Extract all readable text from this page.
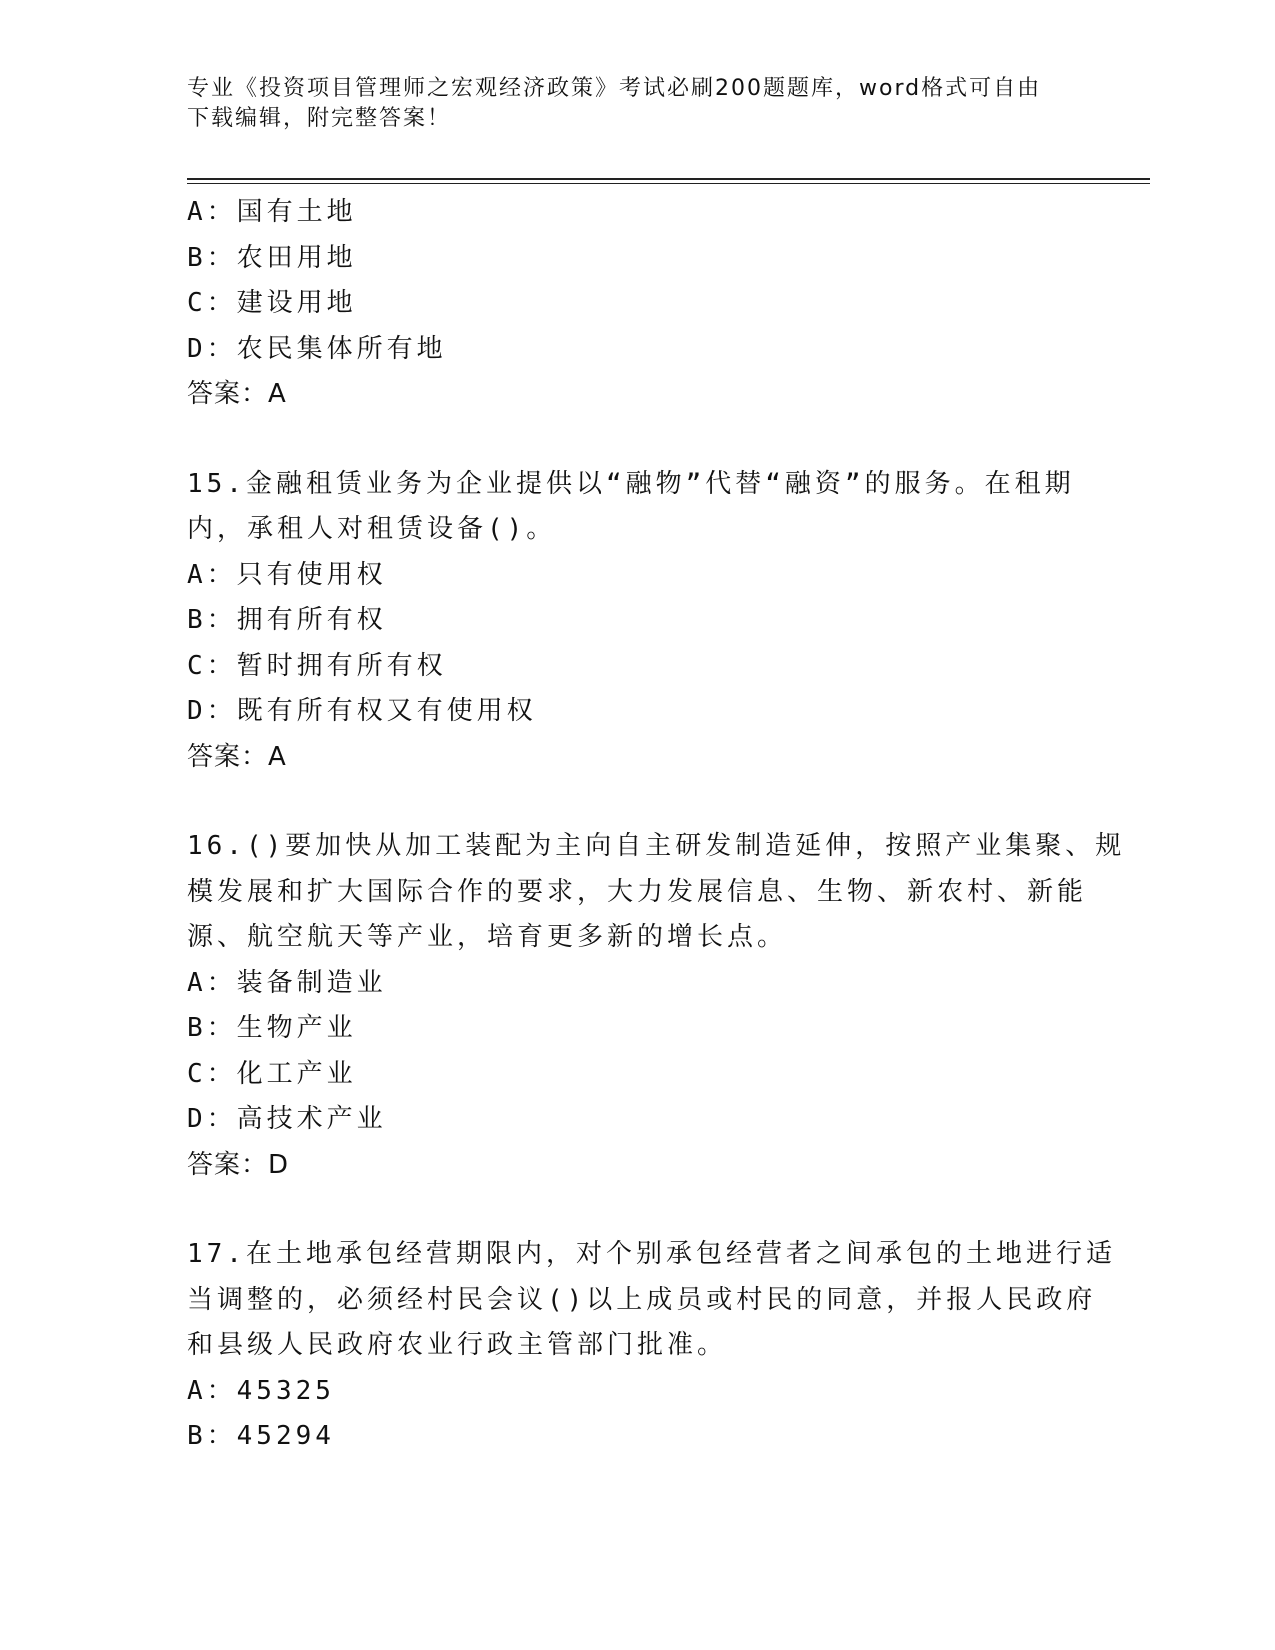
专业《投资项目管理师之宏观经济政策》考试必刷200题题库，word格式可自由
下载编辑，附完整答案！
A：国有土地
B：农田用地
C：建设用地
D：农民集体所有地
答案：A
15.金融租赁业务为企业提供以“融物”代替“融资”的服务。在租期
内，承租人对租赁设备()。
A：只有使用权
B：拥有所有权
C：暂时拥有所有权
D：既有所有权又有使用权
答案：A
16.()要加快从加工装配为主向自主研发制造延伸，按照产业集聚、规
模发展和扩大国际合作的要求，大力发展信息、生物、新农村、新能
源、航空航天等产业，培育更多新的增长点。
A：装备制造业
B：生物产业
C：化工产业
D：高技术产业
答案：D
17.在土地承包经营期限内，对个别承包经营者之间承包的土地进行适
当调整的，必须经村民会议()以上成员或村民的同意，并报人民政府
和县级人民政府农业行政主管部门批准。
A：45325
B：45294
